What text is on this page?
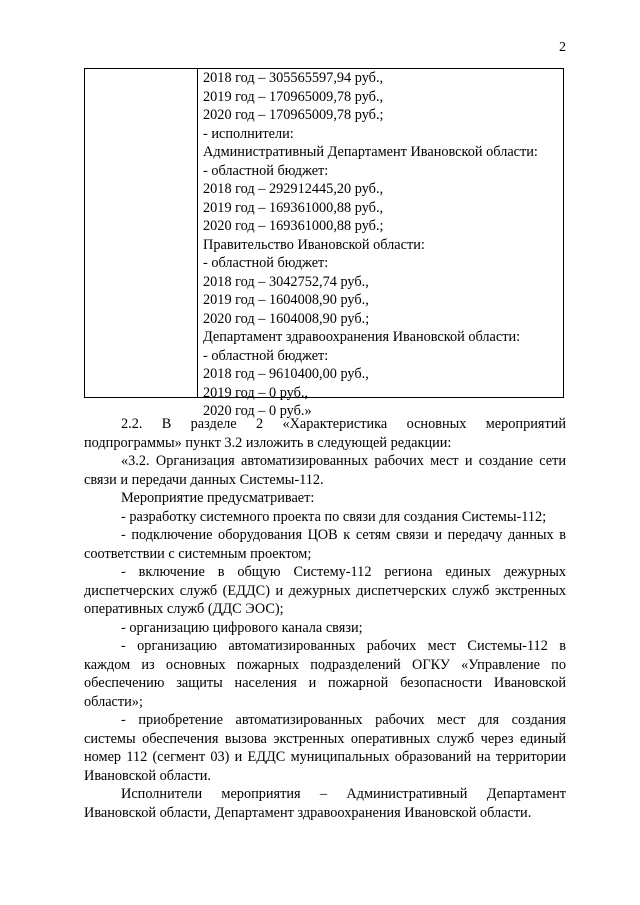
2
2018 год – 305565597,94 руб.,
2019 год – 170965009,78 руб.,
2020 год – 170965009,78 руб.;
- исполнители:
Административный Департамент Ивановской области:
- областной бюджет:
2018 год – 292912445,20 руб.,
2019 год – 169361000,88 руб.,
2020 год – 169361000,88 руб.;
Правительство Ивановской области:
- областной бюджет:
2018 год – 3042752,74 руб.,
2019 год – 1604008,90 руб.,
2020 год – 1604008,90 руб.;
Департамент здравоохранения Ивановской области:
- областной бюджет:
2018 год – 9610400,00 руб.,
2019 год – 0 руб.,
2020 год – 0 руб.»

2.2. В разделе 2 «Характеристика основных мероприятий подпрограммы» пункт 3.2 изложить в следующей редакции:

«3.2. Организация автоматизированных рабочих мест и создание сети связи и передачи данных Системы-112.

Мероприятие предусматривает:

- разработку системного проекта по связи для создания Системы-112;

- подключение оборудования ЦОВ к сетям связи и передачу данных в соответствии с системным проектом;

- включение в общую Систему-112 региона единых дежурных диспетчерских служб (ЕДДС) и дежурных диспетчерских служб экстренных оперативных служб (ДДС ЭОС);

- организацию цифрового канала связи;

- организацию автоматизированных рабочих мест Системы-112 в каждом из основных пожарных подразделений ОГКУ «Управление по обеспечению защиты населения и пожарной безопасности Ивановской области»;

- приобретение автоматизированных рабочих мест для создания системы обеспечения вызова экстренных оперативных служб через единый номер 112 (сегмент 03) и ЕДДС муниципальных образований на территории Ивановской области.

Исполнители мероприятия – Административный Департамент Ивановской области, Департамент здравоохранения Ивановской области.
